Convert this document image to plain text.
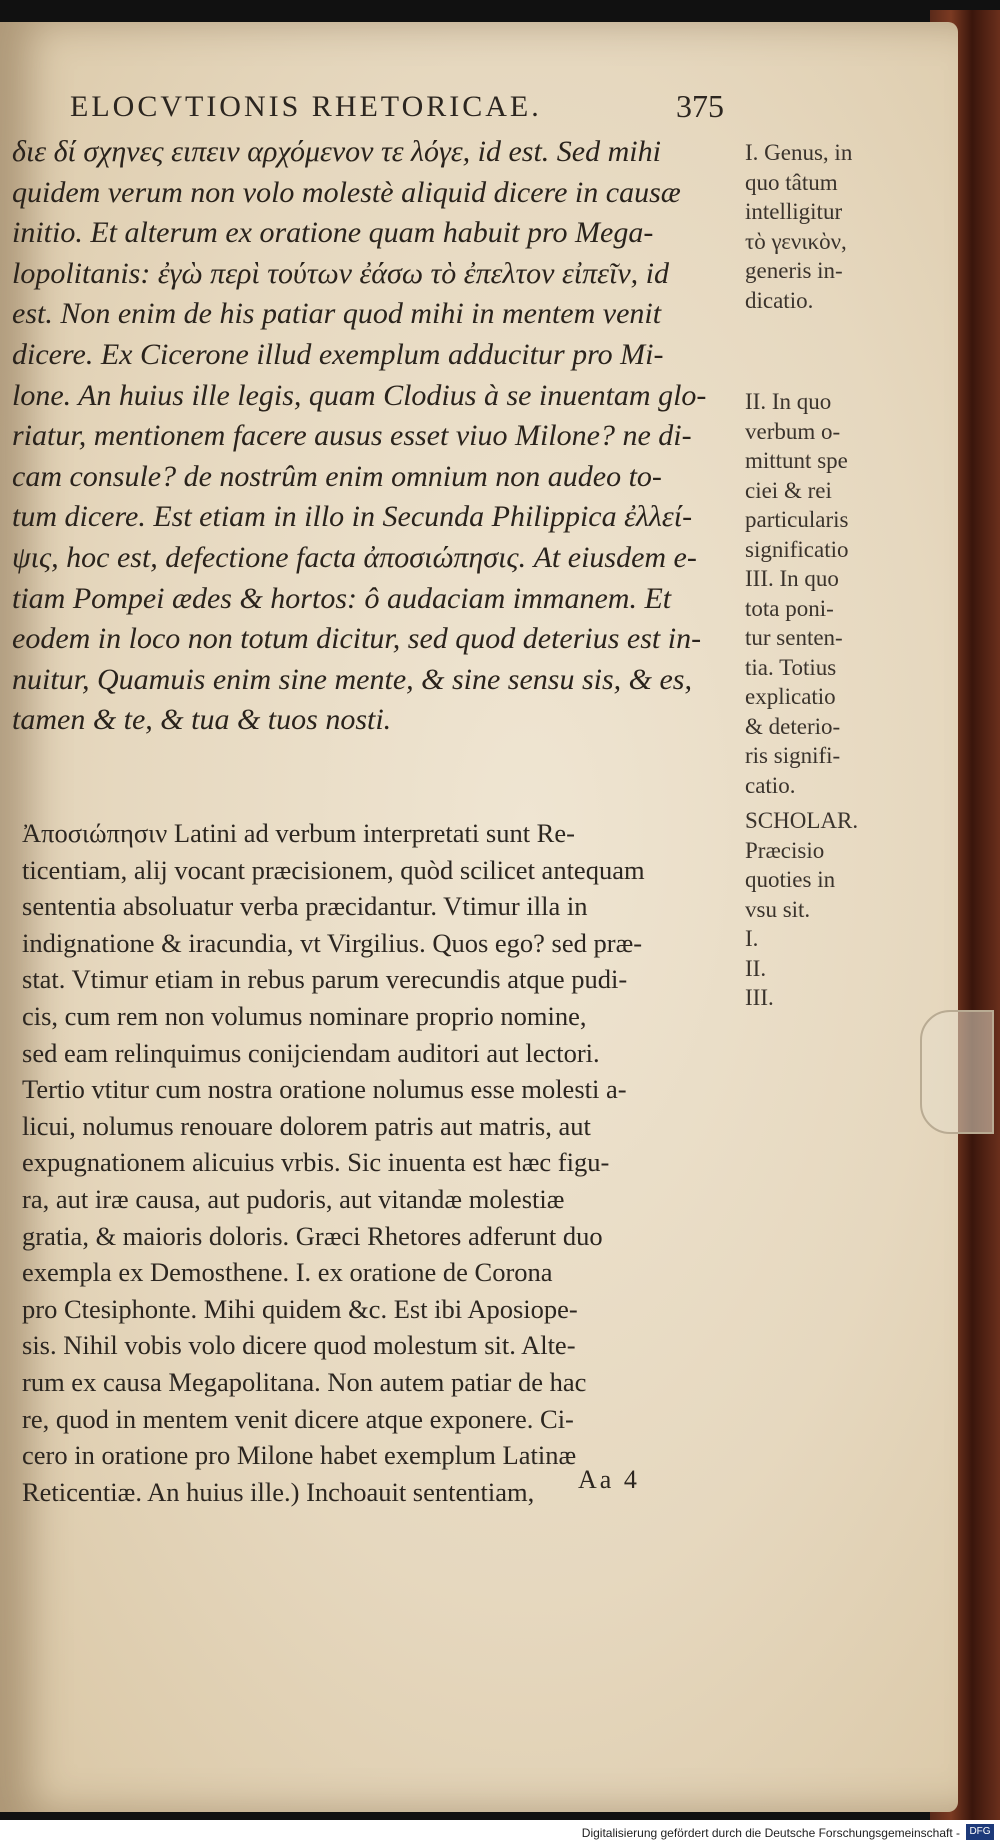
ELOCVTIONIS RHETORICAE.	375
διε δί σχηνες ειπειν αρχόμενον τε λόγε, id est. Sed mihi
quidem verum non volo molestè aliquid dicere in causæ
initio. Et alterum ex oratione quam habuit pro Mega-
lopolitanis: ἐγὼ περὶ τούτων ἐάσω τὸ ἐπελτον εἰπεῖν, id
est. Non enim de his patiar quod mihi in mentem venit
dicere. Ex Cicerone illud exemplum adducitur pro Mi-
lone. An huius ille legis, quam Clodius à se inuentam glo-
riatur, mentionem facere ausus esset viuo Milone? ne di-
cam consule? de nostrûm enim omnium non audeo to-
tum dicere. Est etiam in illo in Secunda Philippica ἐλλεί-
ψις, hoc est, defectione facta ἀποσιώπησις. At eiusdem e-
tiam Pompei ædes & hortos: ô audaciam immanem. Et
eodem in loco non totum dicitur, sed quod deterius est in-
nuitur, Quamuis enim sine mente, & sine sensu sis, & es,
tamen & te, & tua & tuos nosti.
Ἀποσιώπησιν Latini ad verbum interpretati sunt Re-
ticentiam, alij vocant præcisionem, quòd scilicet antequam
sententia absoluatur verba præcidantur. Vtimur illa in
indignatione & iracundia, vt Virgilius. Quos ego? sed præ-
stat. Vtimur etiam in rebus parum verecundis atque pudi-
cis, cum rem non volumus nominare proprio nomine,
sed eam relinquimus conijciendam auditori aut lectori.
Tertio vtitur cum nostra oratione nolumus esse molesti a-
licui, nolumus renouare dolorem patris aut matris, aut
expugnationem alicuius vrbis. Sic inuenta est hæc figu-
ra, aut iræ causa, aut pudoris, aut vitandæ molestiæ
gratia, & maioris doloris. Græci Rhetores adferunt duo
exempla ex Demosthene. I. ex oratione de Corona
pro Ctesiphonte. Mihi quidem &c. Est ibi Aposiope-
sis. Nihil vobis volo dicere quod molestum sit. Alte-
rum ex causa Megapolitana. Non autem patiar de hac
re, quod in mentem venit dicere atque exponere. Ci-
cero in oratione pro Milone habet exemplum Latinæ
Reticentiæ. An huius ille.) Inchoauit sententiam,	Aa 4
I. Genus, in
quo tâtum
intelligitur
τὸ γενικὸν,
generis in-
dicatio.
II. In quo
verbum o-
mittunt spe
ciei & rei
particularis
significatio
III. In quo
tota poni-
tur senten-
tia. Totius
explicatio
& deterio-
ris signifi-
catio.
SCHOLAR.
Præcisio
quoties in
vsu sit.
I.
II.
III.
Digitalisierung gefördert durch die Deutsche Forschungsgemeinschaft - DFG
